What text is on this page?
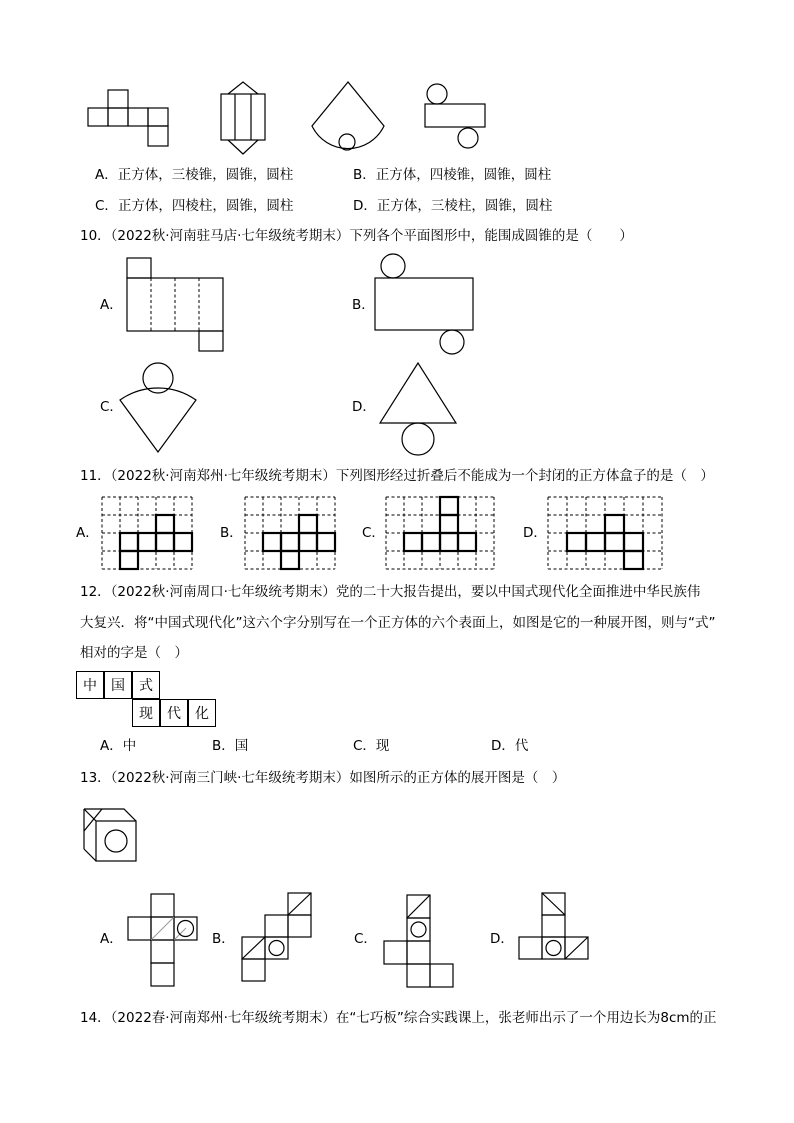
A．正方体，三棱锥，圆锥，圆柱	B．正方体，四棱锥，圆锥，圆柱
C．正方体，四棱柱，圆锥，圆柱	D．正方体，三棱柱，圆锥，圆柱
10．（2022秋·河南驻马店·七年级统考期末）下列各个平面图形中，能围成圆锥的是（　　）
A．	B．
C．	D．
11．（2022秋·河南郑州·七年级统考期末）下列图形经过折叠后不能成为一个封闭的正方体盒子的是（　）
A．	B．	C．	D．
12．（2022秋·河南周口·七年级统考期末）党的二十大报告提出，要以中国式现代化全面推进中华民族伟
大复兴．将“中国式现代化”这六个字分别写在一个正方体的六个表面上，如图是它的一种展开图，则与“式”
相对的字是（　）
中	国	式
现	代	化
A．中	B．国	C．现	D．代
13．（2022秋·河南三门峡·七年级统考期末）如图所示的正方体的展开图是（　）
A．	B．	C．	D．
14．（2022春·河南郑州·七年级统考期末）在“七巧板”综合实践课上，张老师出示了一个用边长为8cm的正
